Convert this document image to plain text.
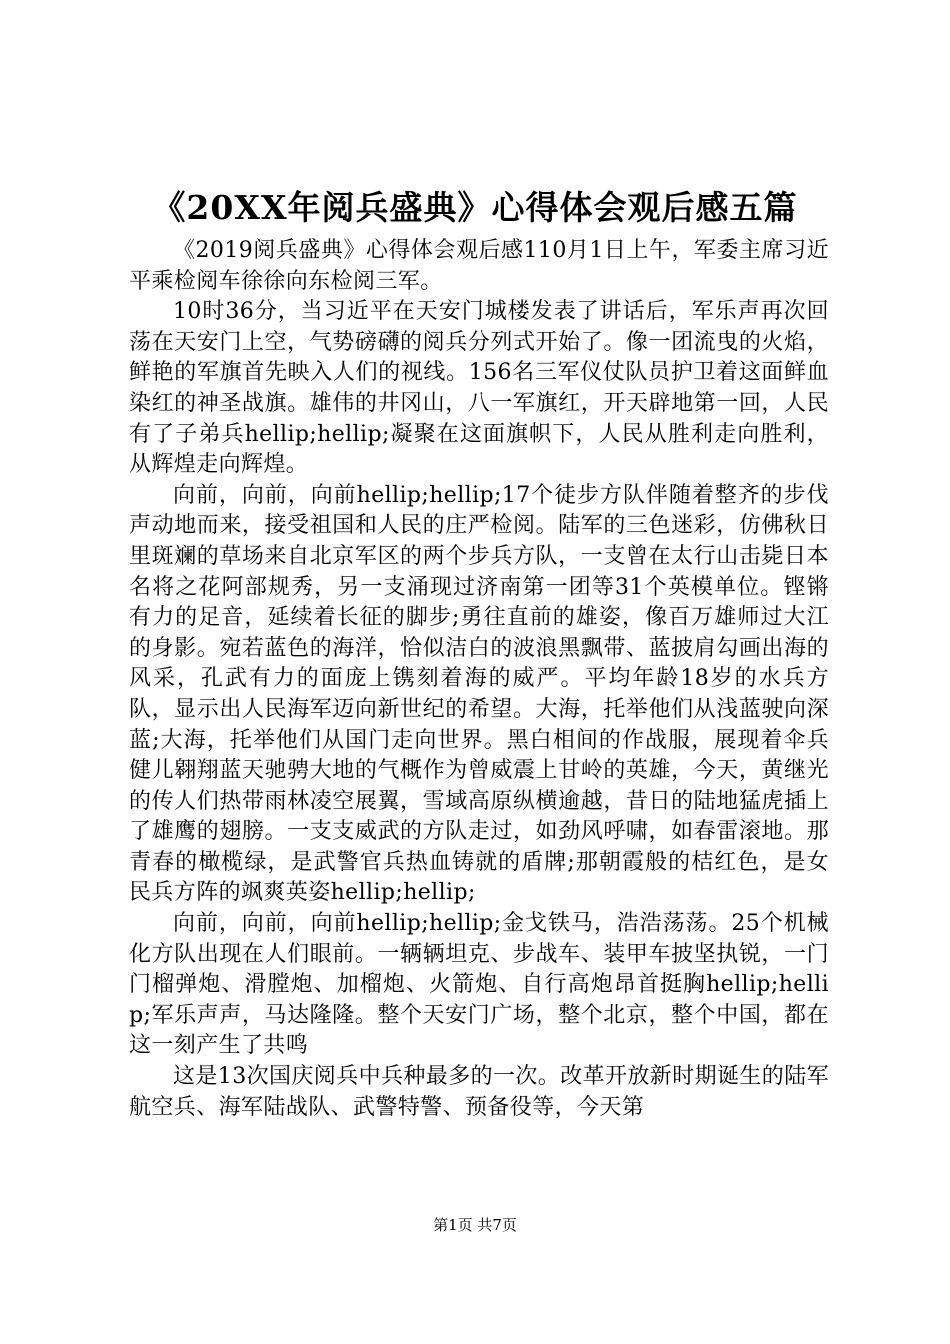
《20XX年阅兵盛典》心得体会观后感五篇

《2019阅兵盛典》心得体会观后感110月1日上午，军委主席习近平乘检阅车徐徐向东检阅三军。

10时36分，当习近平在天安门城楼发表了讲话后，军乐声再次回荡在天安门上空，气势磅礴的阅兵分列式开始了。像一团流曳的火焰，鲜艳的军旗首先映入人们的视线。156名三军仪仗队员护卫着这面鲜血染红的神圣战旗。雄伟的井冈山，八一军旗红，开天辟地第一回，人民有了子弟兵hellip;hellip;凝聚在这面旗帜下，人民从胜利走向胜利，从辉煌走向辉煌。

向前，向前，向前hellip;hellip;17个徒步方队伴随着整齐的步伐声动地而来，接受祖国和人民的庄严检阅。陆军的三色迷彩，仿佛秋日里斑斓的草场来自北京军区的两个步兵方队，一支曾在太行山击毙日本名将之花阿部规秀，另一支涌现过济南第一团等31个英模单位。铿锵有力的足音，延续着长征的脚步;勇往直前的雄姿，像百万雄师过大江的身影。宛若蓝色的海洋，恰似洁白的波浪黑飘带、蓝披肩勾画出海的风采，孔武有力的面庞上镌刻着海的威严。平均年龄18岁的水兵方队，显示出人民海军迈向新世纪的希望。大海，托举他们从浅蓝驶向深蓝;大海，托举他们从国门走向世界。黑白相间的作战服，展现着伞兵健儿翱翔蓝天驰骋大地的气概作为曾威震上甘岭的英雄，今天，黄继光的传人们热带雨林凌空展翼，雪域高原纵横逾越，昔日的陆地猛虎插上了雄鹰的翅膀。一支支威武的方队走过，如劲风呼啸，如春雷滚地。那青春的橄榄绿，是武警官兵热血铸就的盾牌;那朝霞般的桔红色，是女民兵方阵的飒爽英姿hellip;hellip;

向前，向前，向前hellip;hellip;金戈铁马，浩浩荡荡。25个机械化方队出现在人们眼前。一辆辆坦克、步战车、装甲车披坚执锐，一门门榴弹炮、滑膛炮、加榴炮、火箭炮、自行高炮昂首挺胸hellip;hellip;军乐声声，马达隆隆。整个天安门广场，整个北京，整个中国，都在这一刻产生了共鸣

这是13次国庆阅兵中兵种最多的一次。改革开放新时期诞生的陆军航空兵、海军陆战队、武警特警、预备役等，今天第

第1页 共7页
